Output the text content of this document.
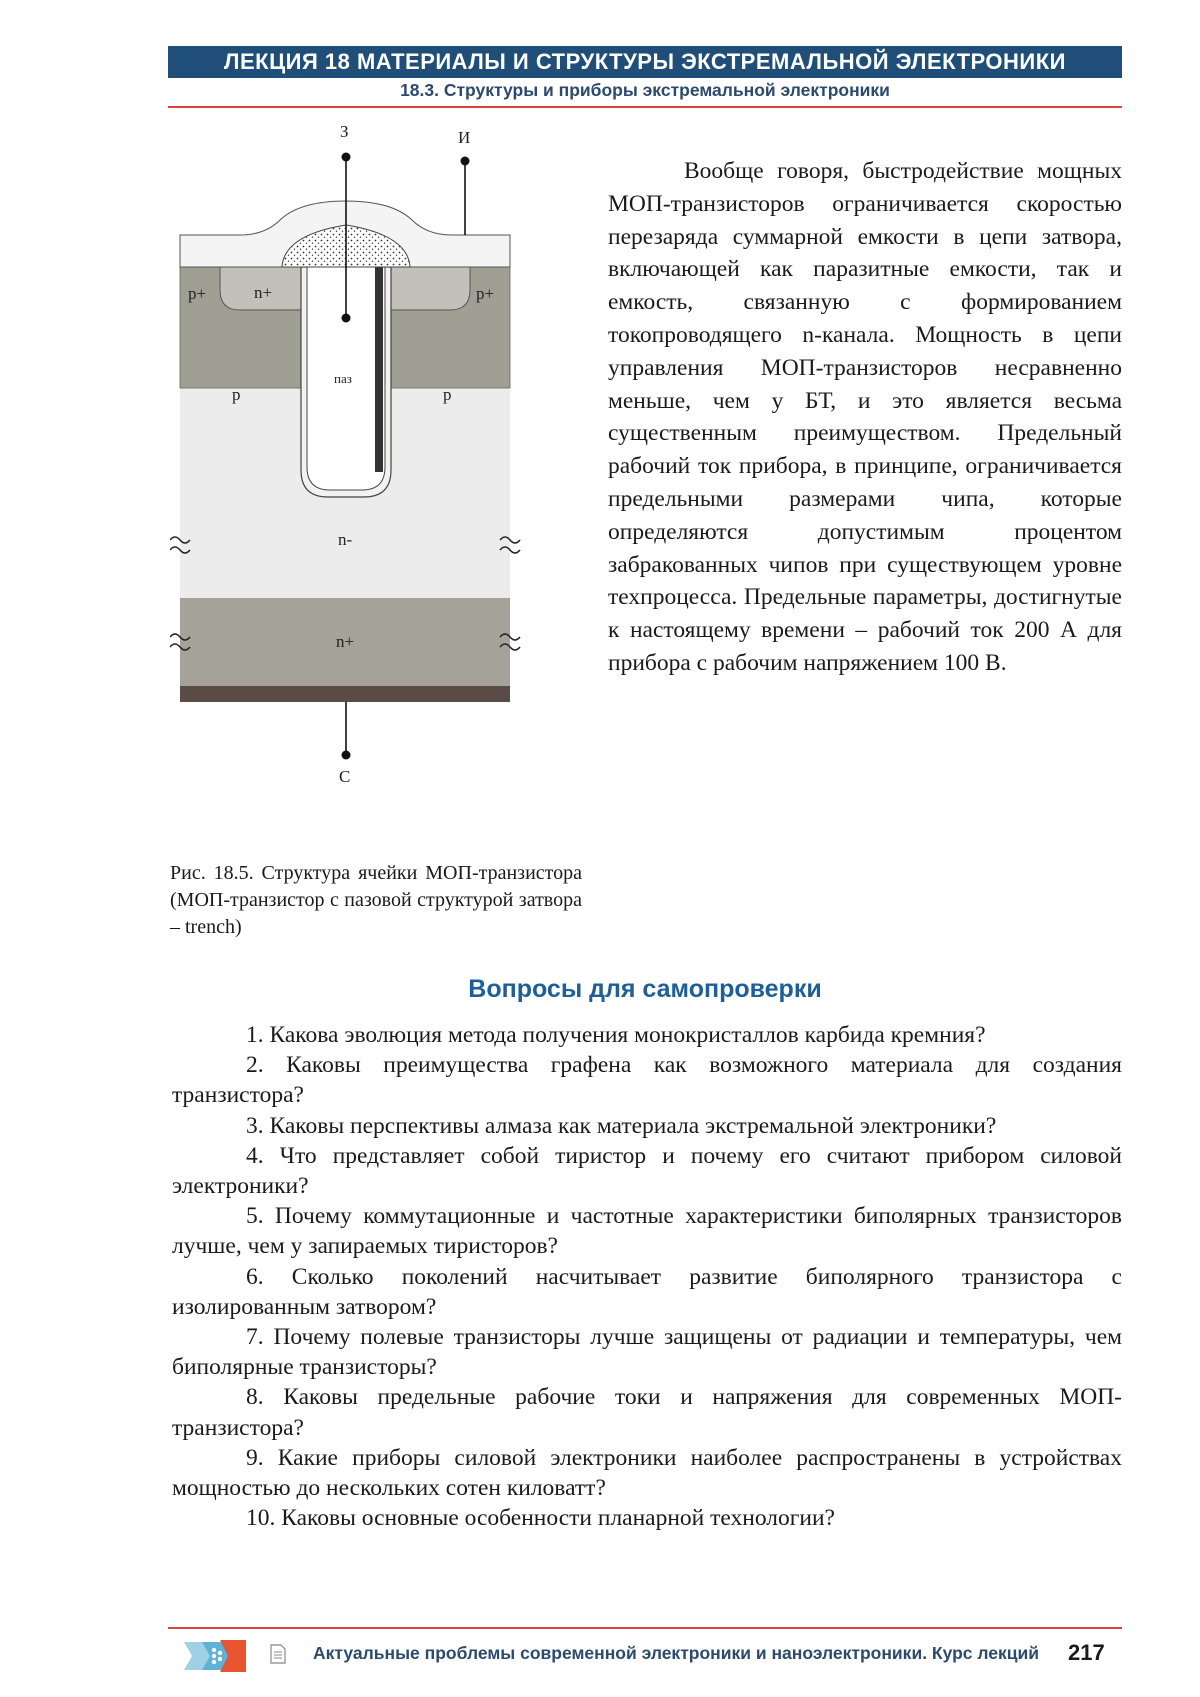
ЛЕКЦИЯ 18 МАТЕРИАЛЫ И СТРУКТУРЫ ЭКСТРЕМАЛЬНОЙ ЭЛЕКТРОНИКИ
18.3. Структуры и приборы экстремальной электроники
З	И
С
p+	n+	p+
p	p
паз
n-
n+
Рис. 18.5. Структура ячейки МОП-транзистора (МОП-транзистор с пазовой структурой затвора – trench)
Вообще говоря, быстродействие мощных МОП-транзисторов ограничивается скоростью перезаряда суммарной емкости в цепи затвора, включающей как паразитные емкости, так и емкость, связанную с формированием токопроводящего n-канала. Мощность в цепи управления МОП-транзисторов несравненно меньше, чем у БТ, и это является весьма существенным преимуществом. Предельный рабочий ток прибора, в принципе, ограничивается предельными размерами чипа, которые определяются допустимым процентом забракованных чипов при существующем уровне техпроцесса. Предельные параметры, достигнутые к настоящему времени – рабочий ток 200 А для прибора с рабочим напряжением 100 В.
Вопросы для самопроверки

1. Какова эволюция метода получения монокристаллов карбида кремния?

2. Каковы преимущества графена как возможного материала для создания транзистора?

3. Каковы перспективы алмаза как материала экстремальной электроники?

4. Что представляет собой тиристор и почему его считают прибором силовой электроники?

5. Почему коммутационные и частотные характеристики биполярных транзисторов лучше, чем у запираемых тиристоров?

6. Сколько поколений насчитывает развитие биполярного транзистора с изолированным затвором?

7. Почему полевые транзисторы лучше защищены от радиации и температуры, чем биполярные транзисторы?

8. Каковы предельные рабочие токи и напряжения для современных МОП-транзистора?

9. Какие приборы силовой электроники наиболее распространены в устройствах мощностью до нескольких сотен киловатт?

10. Каковы основные особенности планарной технологии?

Актуальные проблемы современной электроники и наноэлектроники. Курс лекций 217
